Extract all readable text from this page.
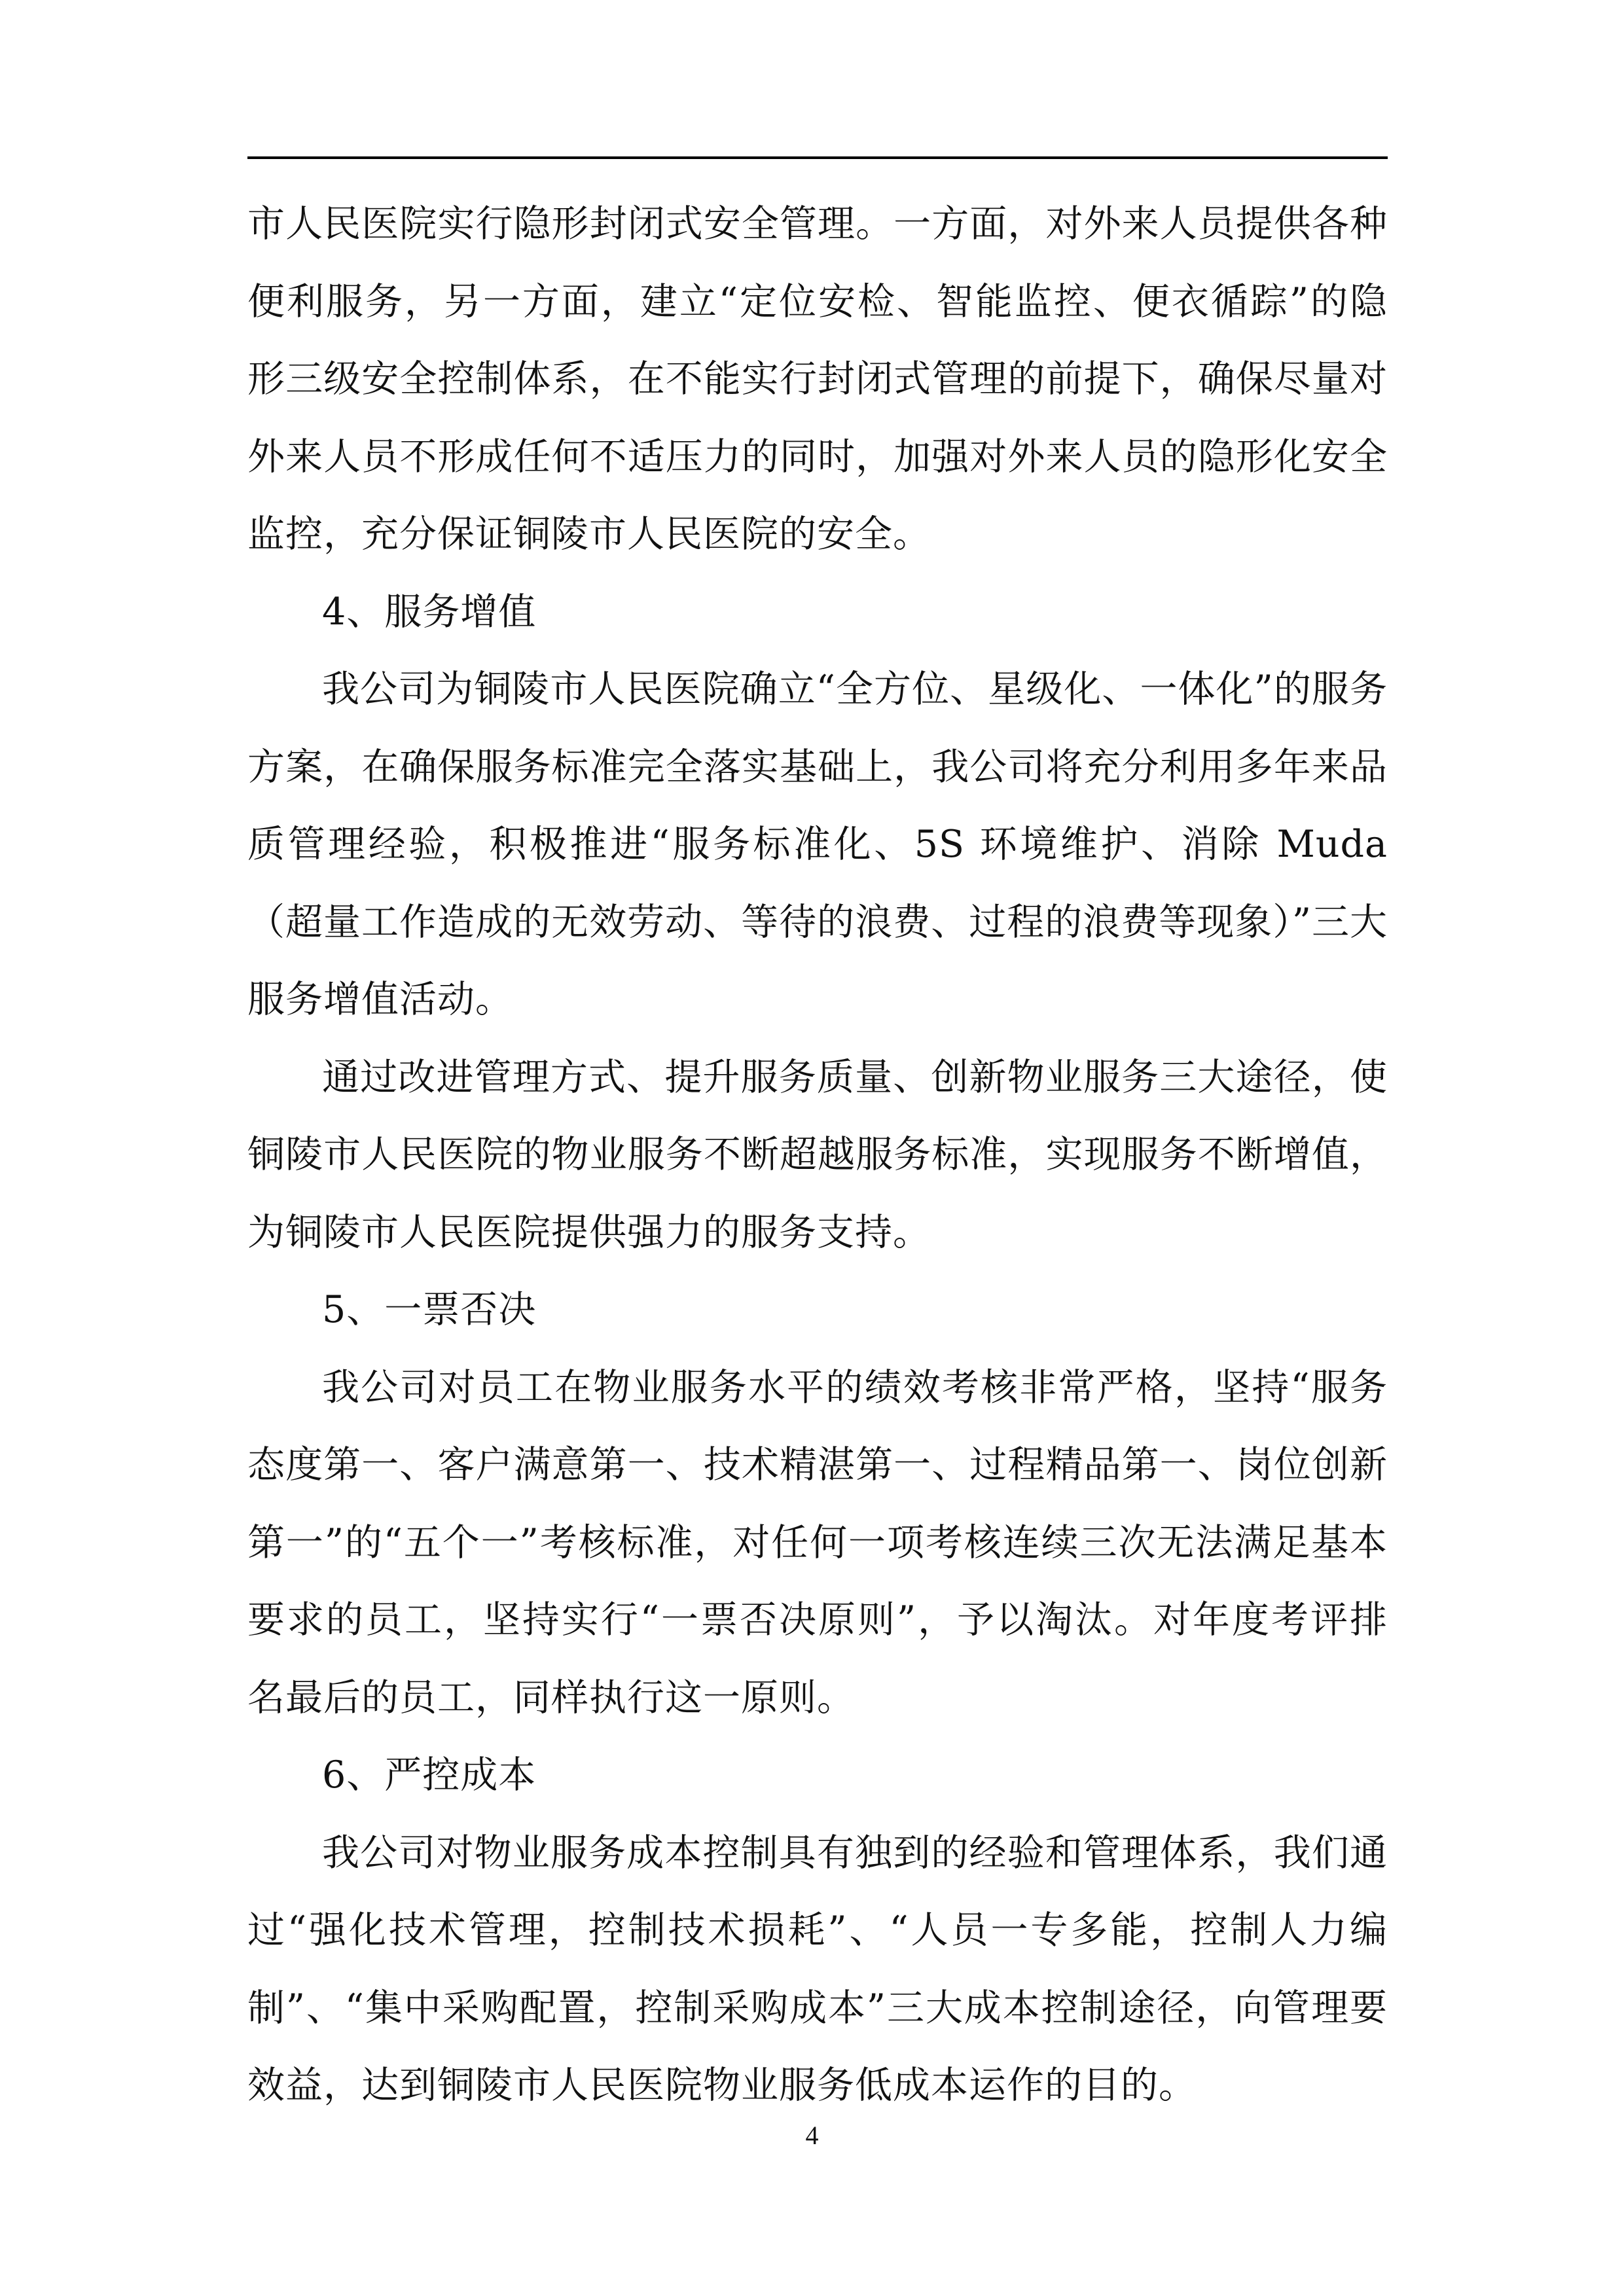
市人民医院实行隐形封闭式安全管理。一方面，对外来人员提供各种便利服务，另一方面，建立“定位安检、智能监控、便衣循踪”的隐形三级安全控制体系，在不能实行封闭式管理的前提下，确保尽量对外来人员不形成任何不适压力的同时，加强对外来人员的隐形化安全监控，充分保证铜陵市人民医院的安全。

4、服务增值

我公司为铜陵市人民医院确立“全方位、星级化、一体化”的服务方案，在确保服务标准完全落实基础上，我公司将充分利用多年来品质管理经验，积极推进“服务标准化、5S 环境维护、消除 Muda（超量工作造成的无效劳动、等待的浪费、过程的浪费等现象）”三大服务增值活动。

通过改进管理方式、提升服务质量、创新物业服务三大途径，使铜陵市人民医院的物业服务不断超越服务标准，实现服务不断增值，为铜陵市人民医院提供强力的服务支持。

5、一票否决

我公司对员工在物业服务水平的绩效考核非常严格，坚持“服务态度第一、客户满意第一、技术精湛第一、过程精品第一、岗位创新第一”的“五个一”考核标准，对任何一项考核连续三次无法满足基本要求的员工，坚持实行“一票否决原则”，予以淘汰。对年度考评排名最后的员工，同样执行这一原则。

6、严控成本

我公司对物业服务成本控制具有独到的经验和管理体系，我们通过“强化技术管理，控制技术损耗”、“人员一专多能，控制人力编制”、“集中采购配置，控制采购成本”三大成本控制途径，向管理要效益，达到铜陵市人民医院物业服务低成本运作的目的。

4
